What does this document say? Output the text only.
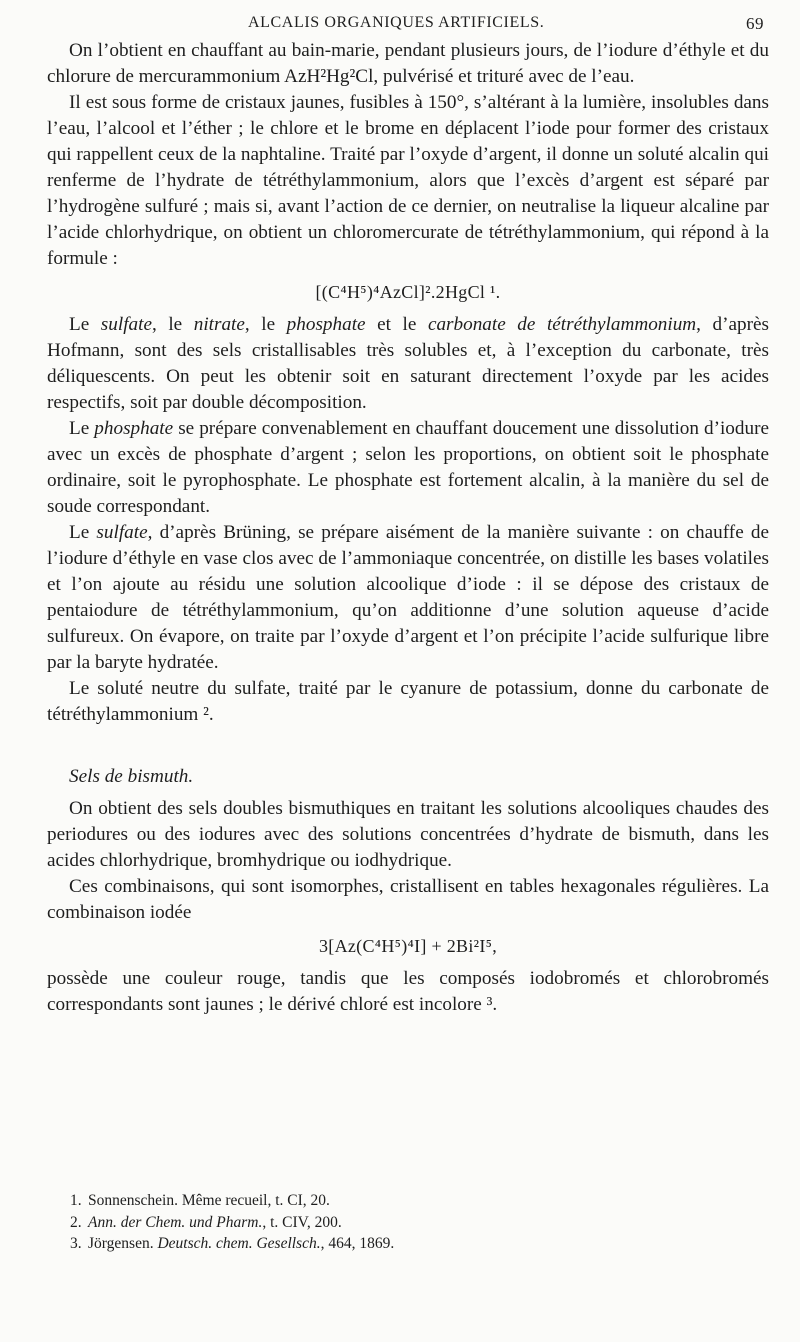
ALCALIS ORGANIQUES ARTIFICIELS.	69

On l’obtient en chauffant au bain-marie, pendant plusieurs jours, de l’iodure d’éthyle et du chlorure de mercurammonium AzH²Hg²Cl, pulvérisé et trituré avec de l’eau.

Il est sous forme de cristaux jaunes, fusibles à 150°, s’altérant à la lumière, insolubles dans l’eau, l’alcool et l’éther ; le chlore et le brome en déplacent l’iode pour former des cristaux qui rappellent ceux de la naphtaline. Traité par l’oxyde d’argent, il donne un soluté alcalin qui renferme de l’hydrate de tétréthylammonium, alors que l’excès d’argent est séparé par l’hydrogène sulfuré ; mais si, avant l’action de ce dernier, on neutralise la liqueur alcaline par l’acide chlorhydrique, on obtient un chloromercurate de tétréthylammonium, qui répond à la formule :

[(C⁴H⁵)⁴AzCl]².2HgCl ¹.

Le sulfate, le nitrate, le phosphate et le carbonate de tétréthylammonium, d’après Hofmann, sont des sels cristallisables très solubles et, à l’exception du carbonate, très déliquescents. On peut les obtenir soit en saturant directement l’oxyde par les acides respectifs, soit par double décomposition.

Le phosphate se prépare convenablement en chauffant doucement une dissolution d’iodure avec un excès de phosphate d’argent ; selon les proportions, on obtient soit le phosphate ordinaire, soit le pyrophosphate. Le phosphate est fortement alcalin, à la manière du sel de soude correspondant.

Le sulfate, d’après Brüning, se prépare aisément de la manière suivante : on chauffe de l’iodure d’éthyle en vase clos avec de l’ammoniaque concentrée, on distille les bases volatiles et l’on ajoute au résidu une solution alcoolique d’iode : il se dépose des cristaux de pentaiodure de tétréthylammonium, qu’on additionne d’une solution aqueuse d’acide sulfureux. On évapore, on traite par l’oxyde d’argent et l’on précipite l’acide sulfurique libre par la baryte hydratée.

Le soluté neutre du sulfate, traité par le cyanure de potassium, donne du carbonate de tétréthylammonium ².

Sels de bismuth.

On obtient des sels doubles bismuthiques en traitant les solutions alcooliques chaudes des periodures ou des iodures avec des solutions concentrées d’hydrate de bismuth, dans les acides chlorhydrique, bromhydrique ou iodhydrique.

Ces combinaisons, qui sont isomorphes, cristallisent en tables hexagonales régulières. La combinaison iodée

3[Az(C⁴H⁵)⁴I] + 2Bi²I⁵,

possède une couleur rouge, tandis que les composés iodobromés et chlorobromés correspondants sont jaunes ; le dérivé chloré est incolore ³.

1. Sonnenschein. Même recueil, t. CI, 20.
2. Ann. der Chem. und Pharm., t. CIV, 200.
3. Jörgensen. Deutsch. chem. Gesellsch., 464, 1869.
